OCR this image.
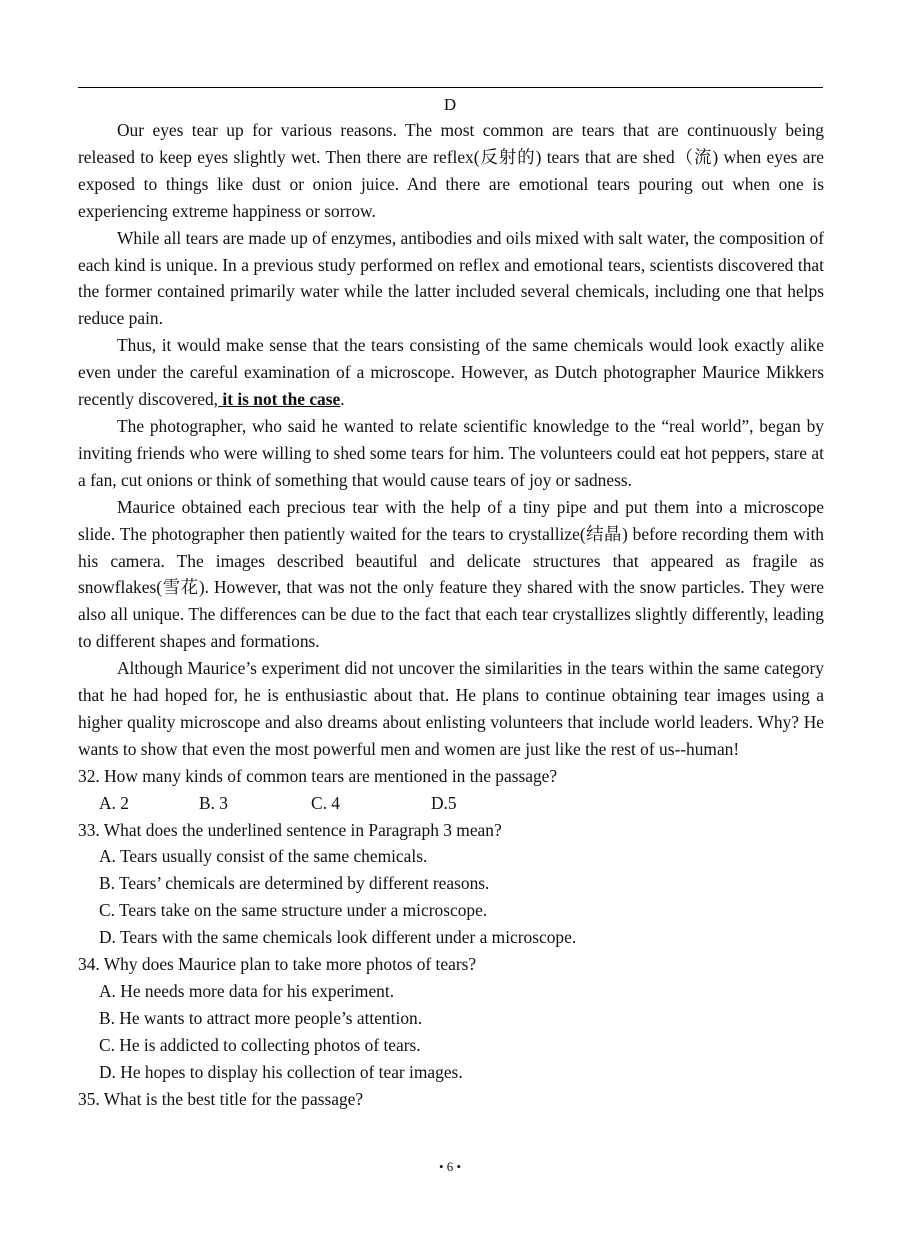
D

Our eyes tear up for various reasons. The most common are tears that are continuously being released to keep eyes slightly wet. Then there are reflex(反射的) tears that are shed（流) when eyes are exposed to things like dust or onion juice. And there are emotional tears pouring out when one is experiencing extreme happiness or sorrow.

While all tears are made up of enzymes, antibodies and oils mixed with salt water, the composition of each kind is unique. In a previous study performed on reflex and emotional tears, scientists discovered that the former contained primarily water while the latter included several chemicals, including one that helps reduce pain.

Thus, it would make sense that the tears consisting of the same chemicals would look exactly alike even under the careful examination of a microscope. However, as Dutch photographer Maurice Mikkers recently discovered, it is not the case.

The photographer, who said he wanted to relate scientific knowledge to the “real world”, began by inviting friends who were willing to shed some tears for him. The volunteers could eat hot peppers, stare at a fan, cut onions or think of something that would cause tears of joy or sadness.

Maurice obtained each precious tear with the help of a tiny pipe and put them into a microscope slide. The photographer then patiently waited for the tears to crystallize(结晶) before recording them with his camera. The images described beautiful and delicate structures that appeared as fragile as snowflakes(雪花). However, that was not the only feature they shared with the snow particles. They were also all unique. The differences can be due to the fact that each tear crystallizes slightly differently, leading to different shapes and formations.

Although Maurice’s experiment did not uncover the similarities in the tears within the same category that he had hoped for, he is enthusiastic about that. He plans to continue obtaining tear images using a higher quality microscope and also dreams about enlisting volunteers that include world leaders. Why? He wants to show that even the most powerful men and women are just like the rest of us--human!

32. How many kinds of common tears are mentioned in the passage?

A. 2	B. 3	C. 4	D.5

33. What does the underlined sentence in Paragraph 3 mean?

A. Tears usually consist of the same chemicals.

B. Tears’ chemicals are determined by different reasons.

C. Tears take on the same structure under a microscope.

D. Tears with the same chemicals look different under a microscope.

34. Why does Maurice plan to take more photos of tears?

A. He needs more data for his experiment.

B. He wants to attract more people’s attention.

C. He is addicted to collecting photos of tears.

D. He hopes to display his collection of tear images.

35. What is the best title for the passage?

• 6 •
